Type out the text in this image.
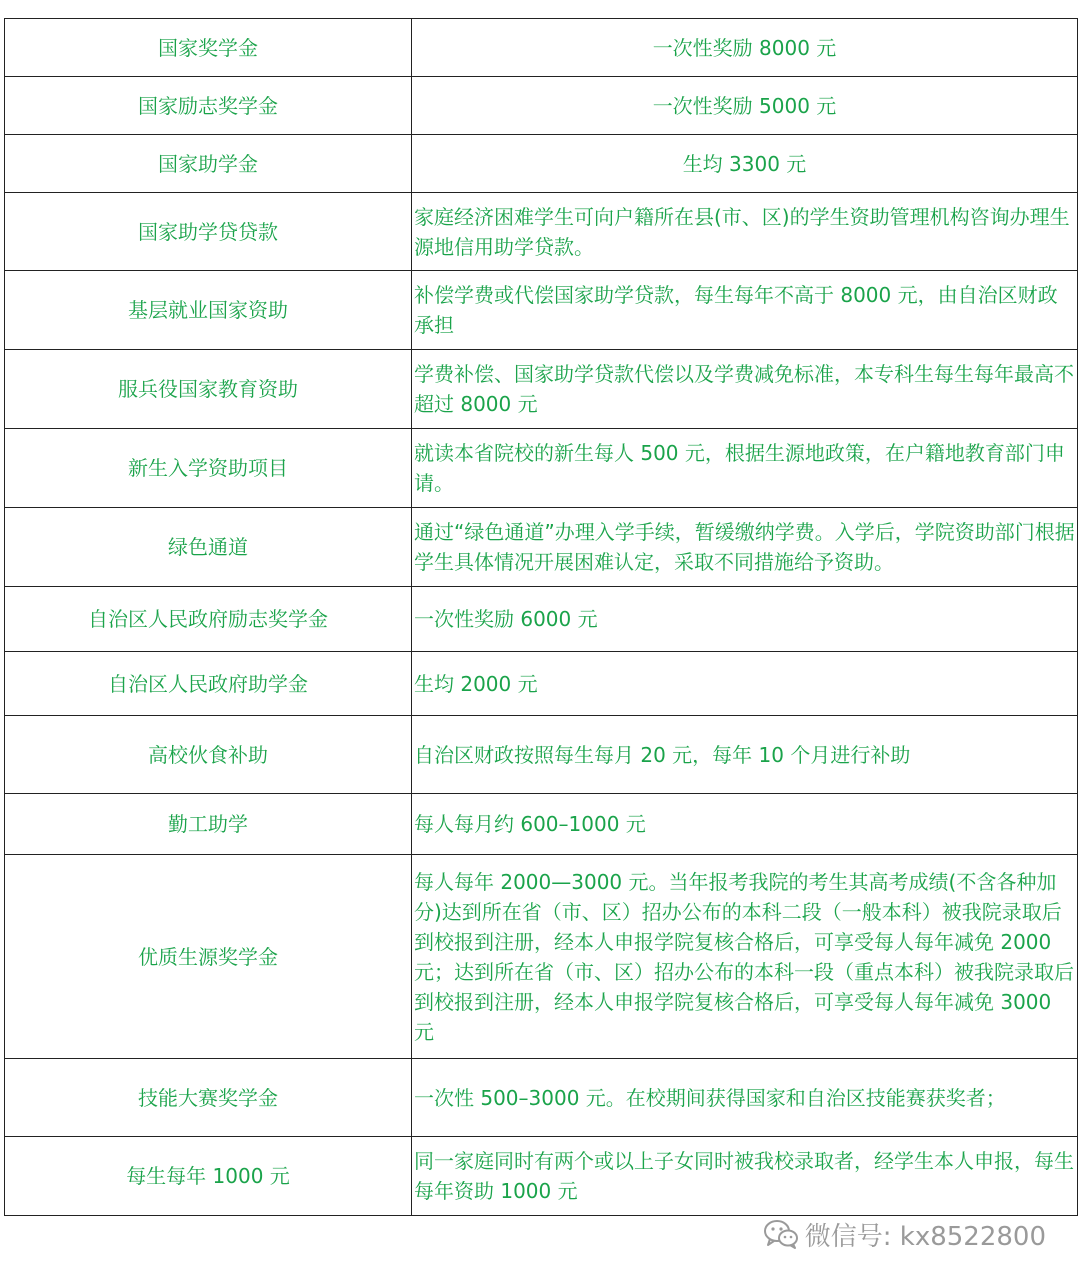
国家奖学金	一次性奖励 8000 元
国家励志奖学金	一次性奖励 5000 元
国家助学金	生均 3300 元
国家助学贷贷款	家庭经济困难学生可向户籍所在县(市、区)的学生资助管理机构咨询办理生源地信用助学贷款。
基层就业国家资助	补偿学费或代偿国家助学贷款，每生每年不高于 8000 元，由自治区财政承担
服兵役国家教育资助	学费补偿、国家助学贷款代偿以及学费减免标准，本专科生每生每年最高不超过 8000 元
新生入学资助项目	就读本省院校的新生每人 500 元，根据生源地政策，在户籍地教育部门申请。
绿色通道	通过“绿色通道”办理入学手续，暂缓缴纳学费。入学后，学院资助部门根据学生具体情况开展困难认定，采取不同措施给予资助。
自治区人民政府励志奖学金	一次性奖励 6000 元
自治区人民政府助学金	生均 2000 元
高校伙食补助	自治区财政按照每生每月 20 元，每年 10 个月进行补助
勤工助学	每人每月约 600–1000 元
优质生源奖学金	每人每年 2000—3000 元。当年报考我院的考生其高考成绩(不含各种加分)达到所在省（市、区）招办公布的本科二段（一般本科）被我院录取后到校报到注册，经本人申报学院复核合格后，可享受每人每年减免 2000 元；达到所在省（市、区）招办公布的本科一段（重点本科）被我院录取后到校报到注册，经本人申报学院复核合格后，可享受每人每年减免 3000 元
技能大赛奖学金	一次性 500–3000 元。在校期间获得国家和自治区技能赛获奖者；
每生每年 1000 元	同一家庭同时有两个或以上子女同时被我校录取者，经学生本人申报，每生每年资助 1000 元
微信号: kx8522800
